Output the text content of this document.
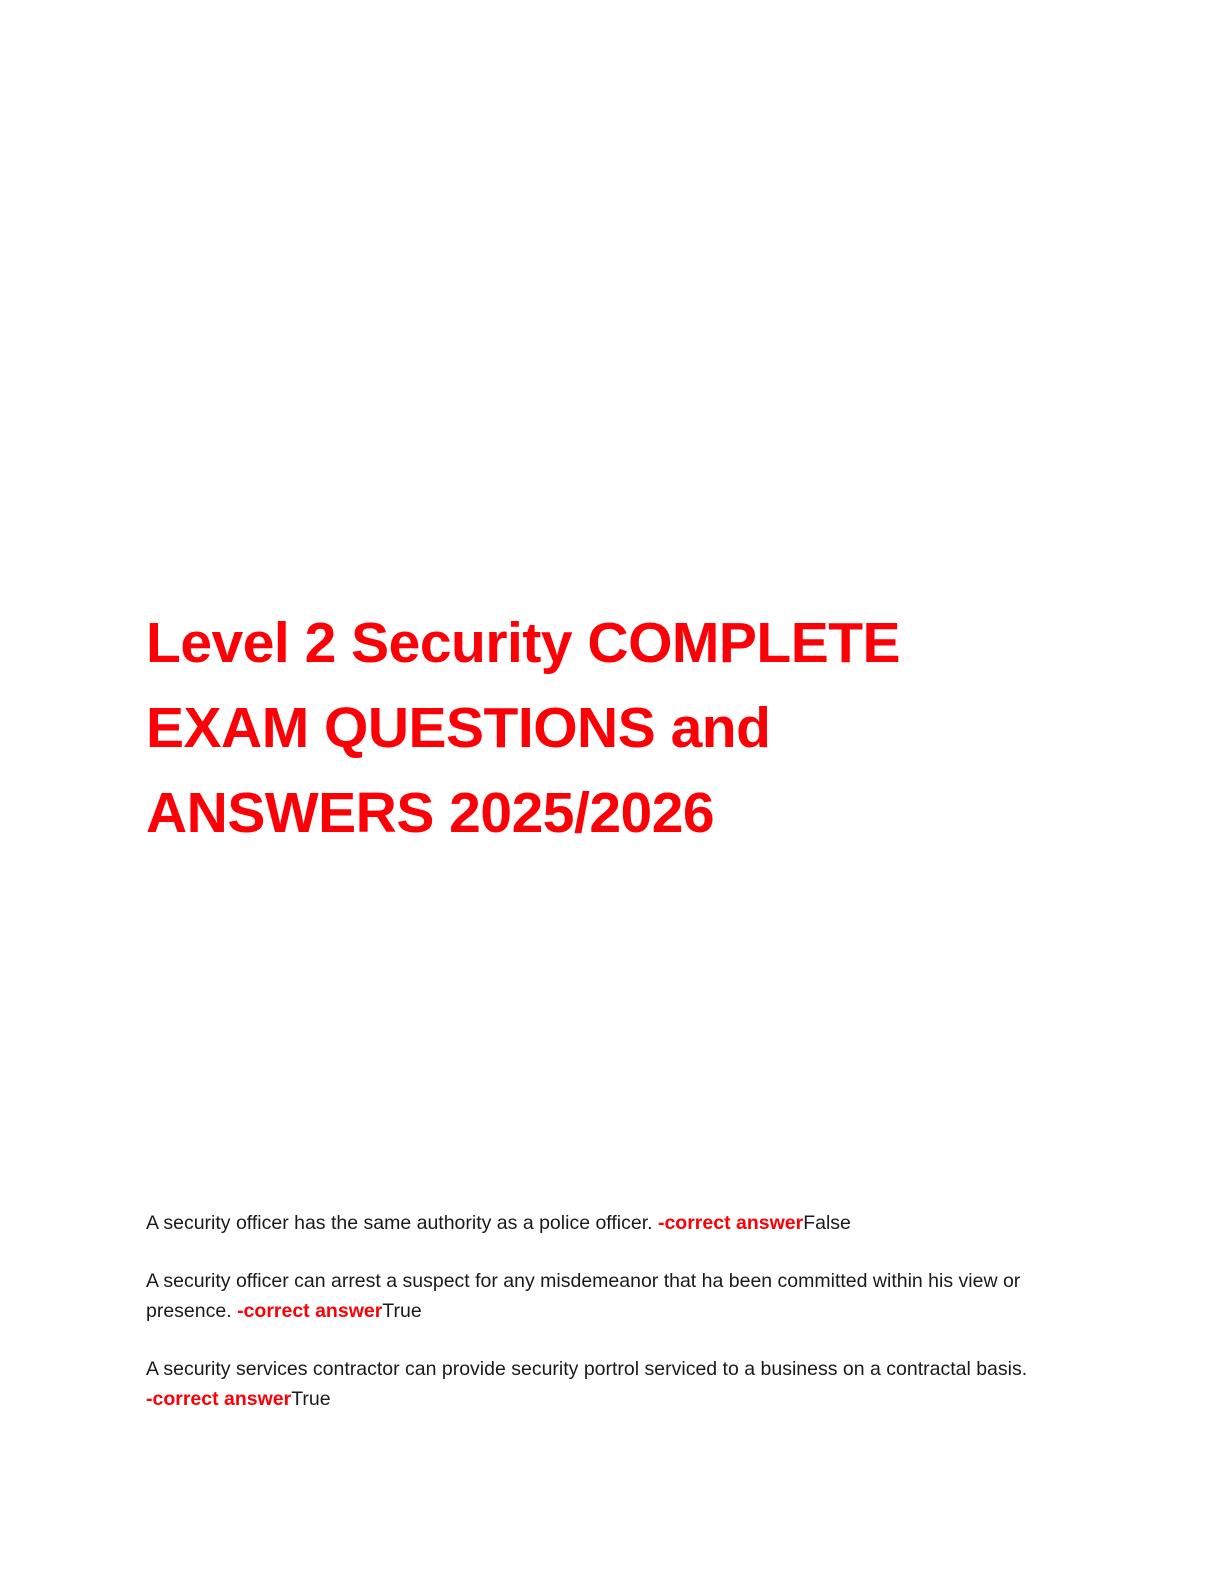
Level 2 Security COMPLETE EXAM QUESTIONS and ANSWERS 2025/2026

A security officer has the same authority as a police officer. -correct answerFalse

A security officer can arrest a suspect for any misdemeanor that ha been committed within his view or presence. -correct answerTrue

A security services contractor can provide security portrol serviced to a business on a contractal basis. -correct answerTrue
